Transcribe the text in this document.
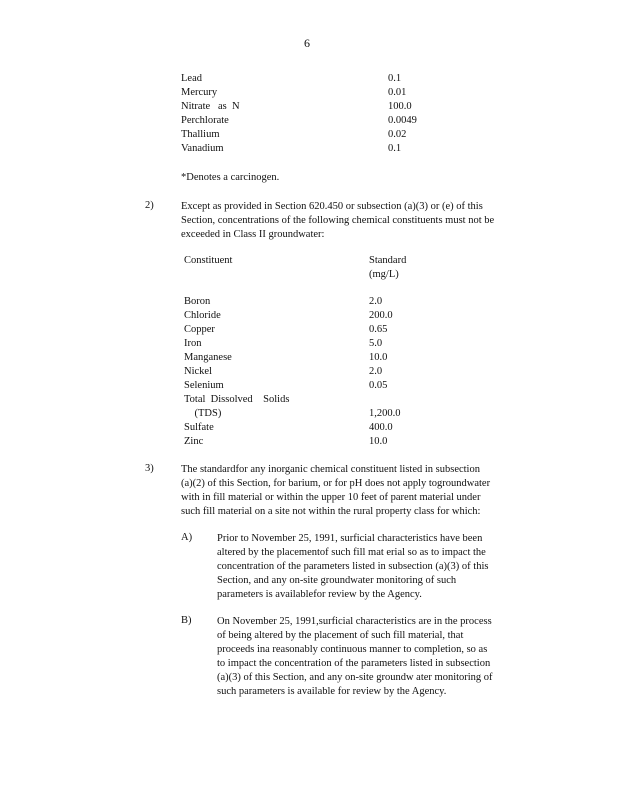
6
Lead	0.1
Mercury	0.01
Nitrate   as  N	100.0
Perchlorate	0.0049
Thallium	0.02
Vanadium	0.1
*Denotes a carcinogen.
2)	Except as provided in Section 620.450 or subsection (a)(3) or (e) of this
Section, concentrations of the following chemical constituents must not be
exceeded in Class II groundwater:
Constituent	Standard
(mg/L)
Boron	2.0
Chloride	200.0
Copper	0.65
Iron	5.0
Manganese	10.0
Nickel	2.0
Selenium	0.05
Total  Dissolved    Solids
(TDS)	1,200.0
Sulfate	400.0
Zinc	10.0
3)	The standardfor any inorganic chemical constituent listed in subsection
(a)(2) of this Section, for barium, or for pH does not apply togroundwater
with in fill material or within the upper 10 feet of parent material under
such fill material on a site not within the rural property class for which:
A) Prior to November 25, 1991, surficial characteristics have been
altered by the placementof such fill mat erial so as to impact the
concentration of the parameters listed in subsection (a)(3) of this
Section, and any on-site groundwater monitoring of such
parameters is availablefor review by the Agency.
B) On November 25, 1991,surficial characteristics are in the process
of being altered by the placement of such fill material, that
proceeds ina reasonably continuous manner to completion, so as
to impact the concentration of the parameters listed in subsection
(a)(3) of this Section, and any on-site groundw ater monitoring of
such parameters is available for review by the Agency.
